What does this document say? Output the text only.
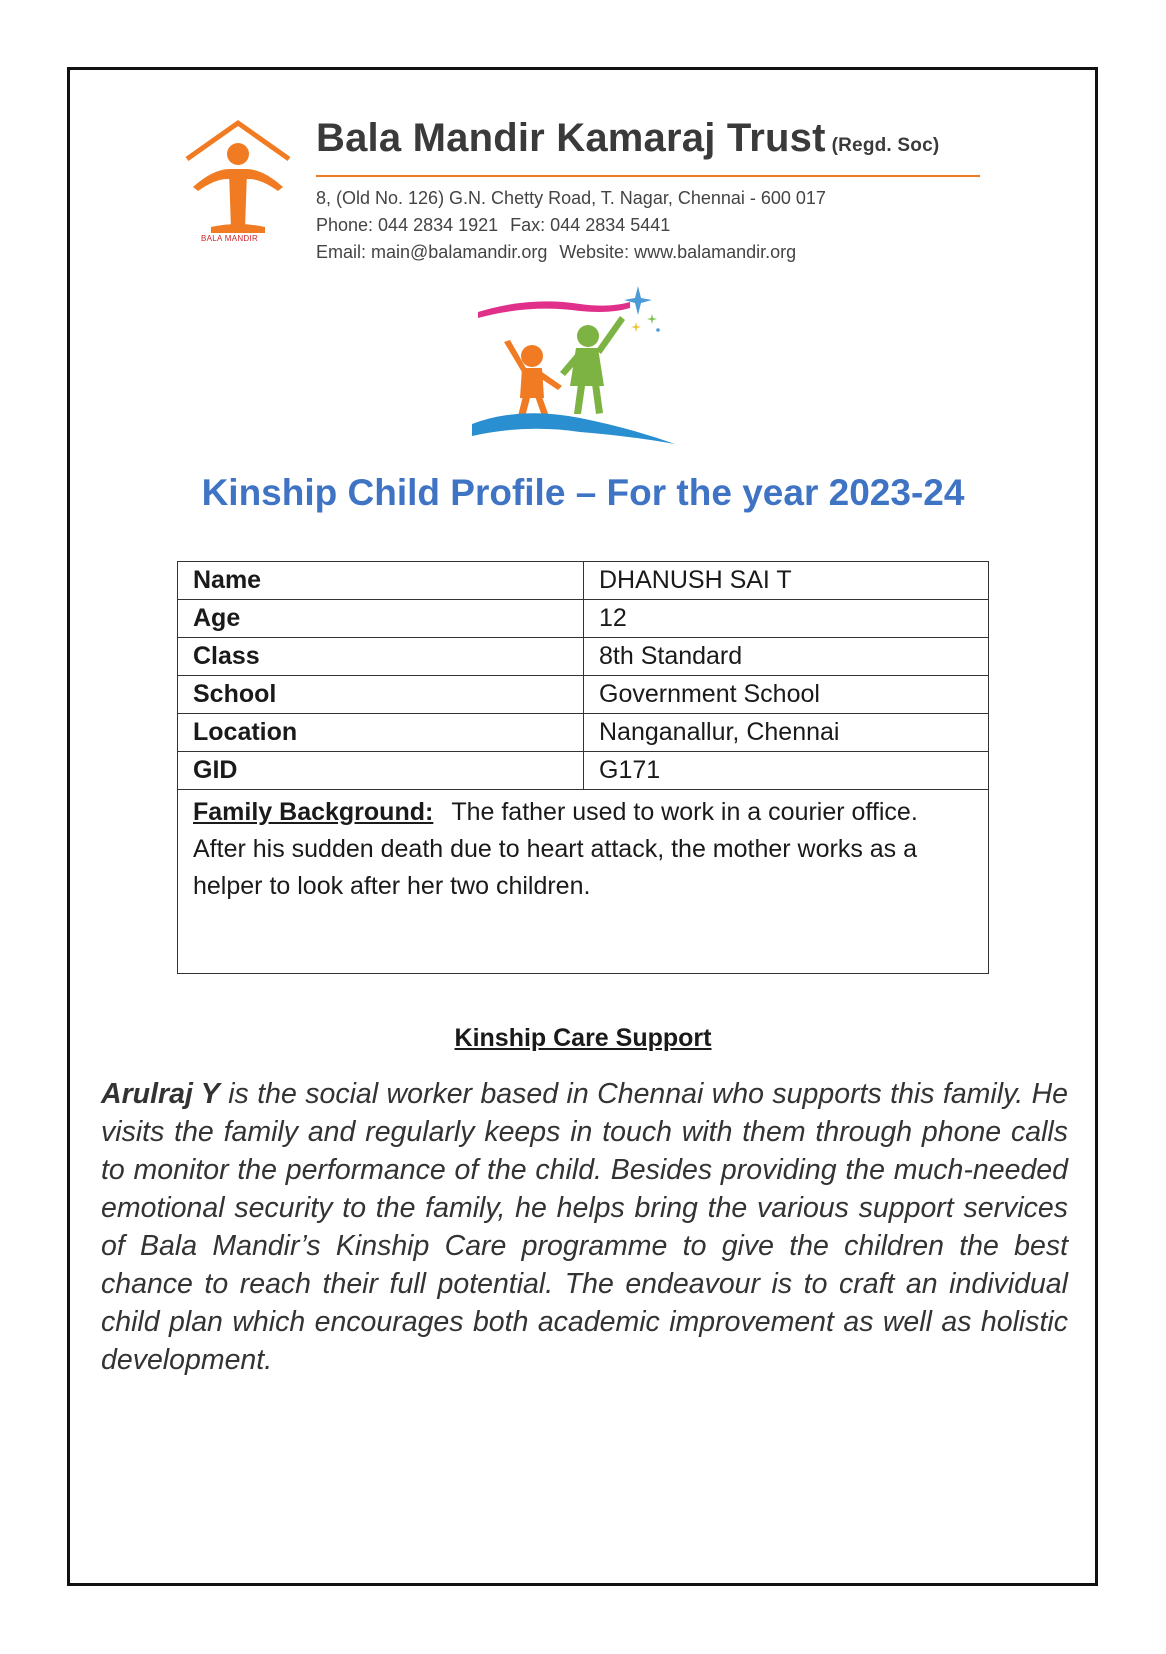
BALA MANDIR
Bala Mandir Kamaraj Trust (Regd. Soc)
8, (Old No. 126) G.N. Chetty Road, T. Nagar, Chennai - 600 017
Phone: 044 2834 1921 Fax: 044 2834 5441
Email: main@balamandir.org Website: www.balamandir.org
Kinship Child Profile – For the year 2023-24
Name	DHANUSH SAI T
Age	12
Class	8th Standard
School	Government School
Location	Nanganallur, Chennai
GID	G171
Family Background: The father used to work in a courier office. After his sudden death due to heart attack, the mother works as a helper to look after her two children.	
Kinship Care Support

Arulraj Y is the social worker based in Chennai who supports this family. He visits the family and regularly keeps in touch with them through phone calls to monitor the performance of the child. Besides providing the much-needed emotional security to the family, he helps bring the various support services of Bala Mandir’s Kinship Care programme to give the children the best chance to reach their full potential. The endeavour is to craft an individual child plan which encourages both academic improvement as well as holistic development.
